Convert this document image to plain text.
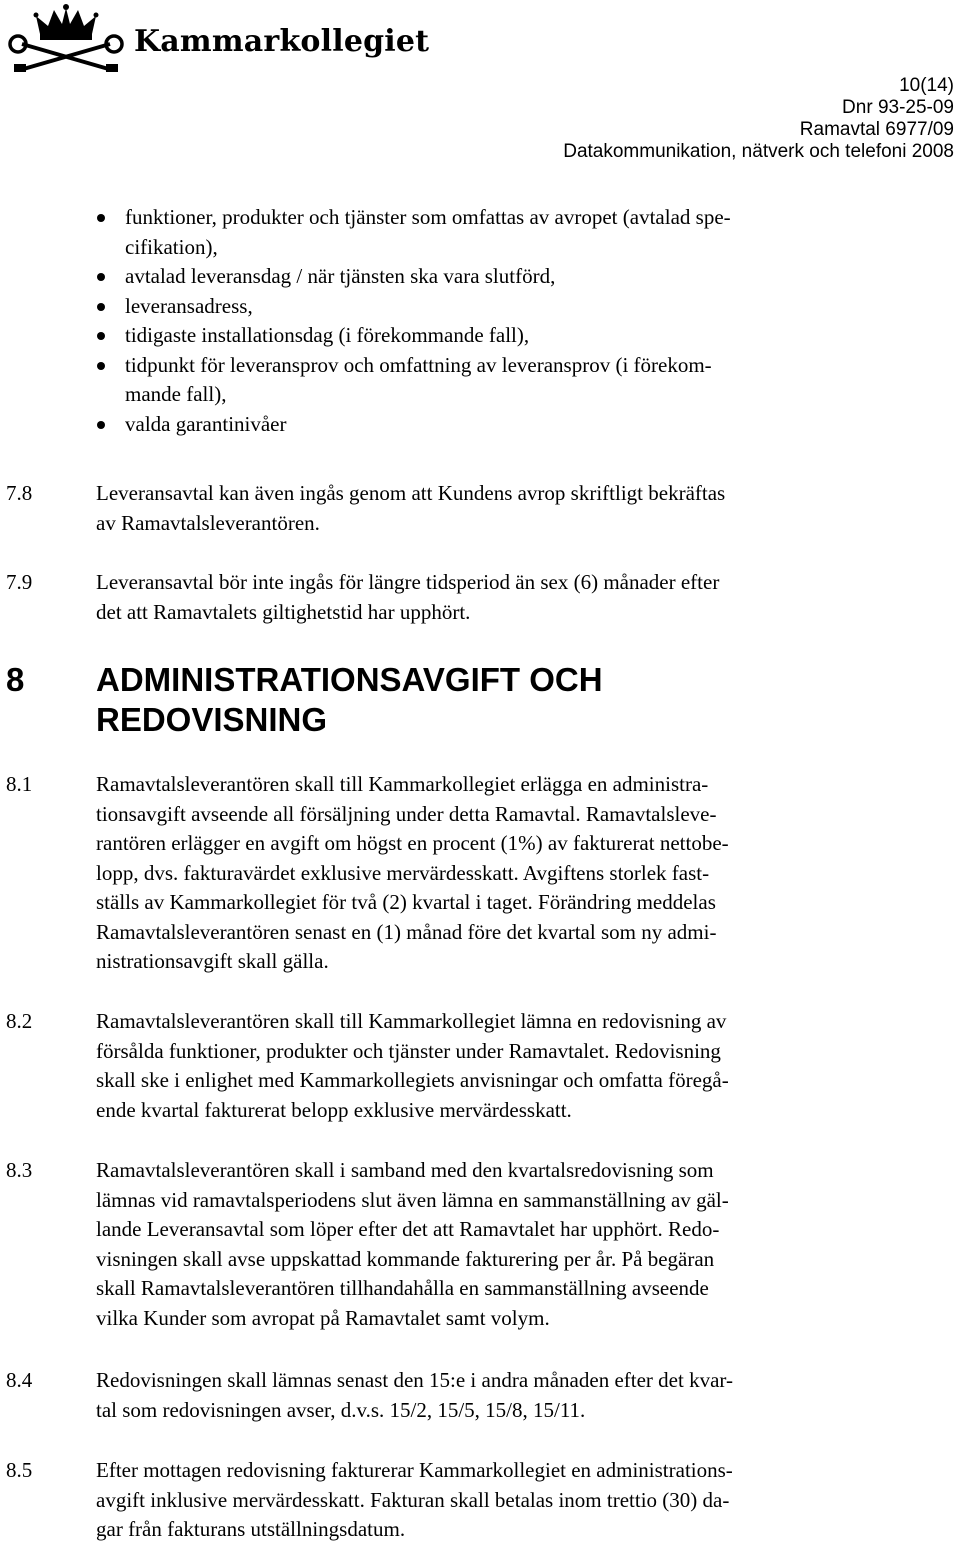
Kammarkollegiet
10(14)
Dnr 93-25-09
Ramavtal 6977/09
Datakommunikation, nätverk och telefoni 2008
funktioner, produkter och tjänster som omfattas av avropet (avtalad spe-
cifikation),
avtalad leveransdag / när tjänsten ska vara slutförd,
leveransadress,
tidigaste installationsdag (i förekommande fall),
tidpunkt för leveransprov och omfattning av leveransprov (i förekom-
mande fall),
valda garantinivåer
7.8	Leveransavtal kan även ingås genom att Kundens avrop skriftligt bekräftas
av Ramavtalsleverantören.
7.9	Leveransavtal bör inte ingås för längre tidsperiod än sex (6) månader efter
det att Ramavtalets giltighetstid har upphört.
8 ADMINISTRATIONSAVGIFT OCH
REDOVISNING
8.1	Ramavtalsleverantören skall till Kammarkollegiet erlägga en administra-
tionsavgift avseende all försäljning under detta Ramavtal. Ramavtalsleve-
rantören erlägger en avgift om högst en procent (1%) av fakturerat nettobe-
lopp, dvs. fakturavärdet exklusive mervärdesskatt. Avgiftens storlek fast-
ställs av Kammarkollegiet för två (2) kvartal i taget. Förändring meddelas
Ramavtalsleverantören senast en (1) månad före det kvartal som ny admi-
nistrationsavgift skall gälla.
8.2	Ramavtalsleverantören skall till Kammarkollegiet lämna en redovisning av
försålda funktioner, produkter och tjänster under Ramavtalet. Redovisning
skall ske i enlighet med Kammarkollegiets anvisningar och omfatta föregå-
ende kvartal fakturerat belopp exklusive mervärdesskatt.
8.3	Ramavtalsleverantören skall i samband med den kvartalsredovisning som
lämnas vid ramavtalsperiodens slut även lämna en sammanställning av gäl-
lande Leveransavtal som löper efter det att Ramavtalet har upphört. Redo-
visningen skall avse uppskattad kommande fakturering per år. På begäran
skall Ramavtalsleverantören tillhandahålla en sammanställning avseende
vilka Kunder som avropat på Ramavtalet samt volym.
8.4	Redovisningen skall lämnas senast den 15:e i andra månaden efter det kvar-
tal som redovisningen avser, d.v.s. 15/2, 15/5, 15/8, 15/11.
8.5	Efter mottagen redovisning fakturerar Kammarkollegiet en administrations-
avgift inklusive mervärdesskatt. Fakturan skall betalas inom trettio (30) da-
gar från fakturans utställningsdatum.
